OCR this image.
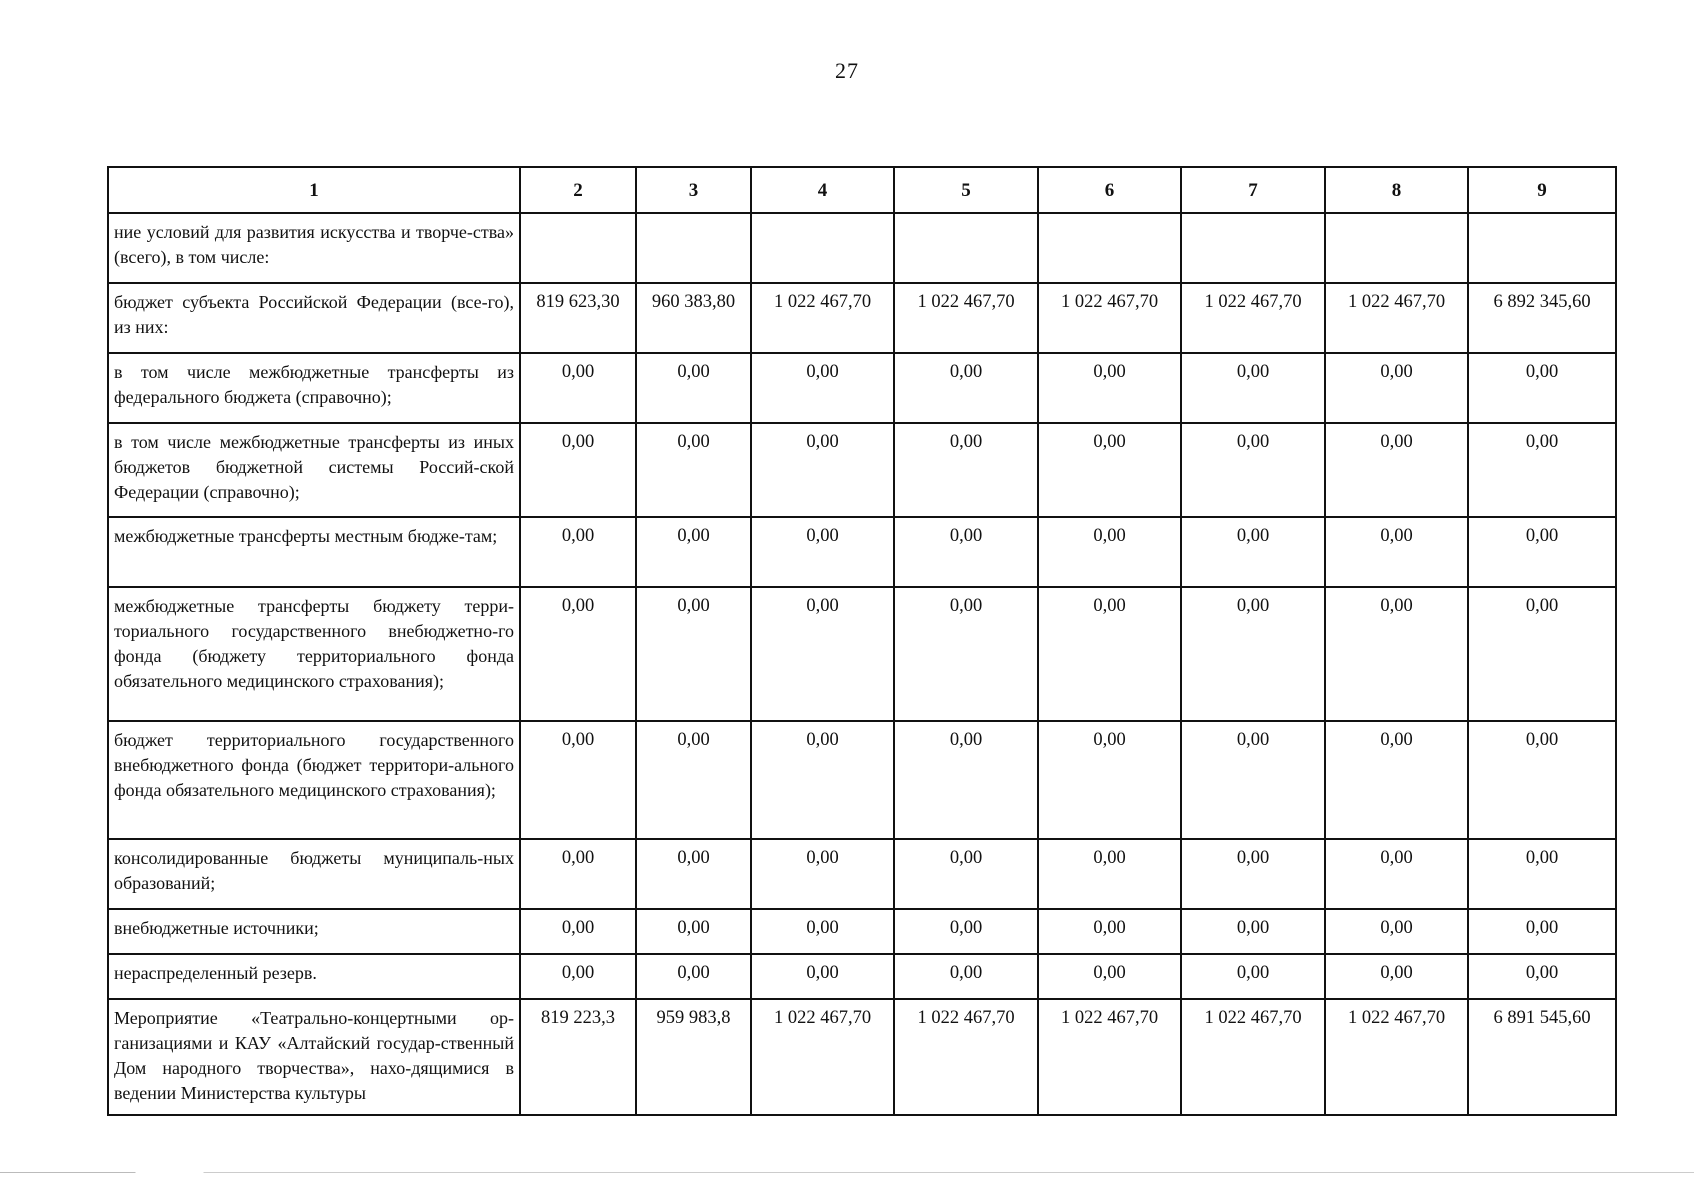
27
1	2	3	4	5	6	7	8	9
ние условий для развития искусства и творче-ства» (всего), в том числе:								
бюджет субъекта Российской Федерации (все-го), из них:	819 623,30	960 383,80	1 022 467,70	1 022 467,70	1 022 467,70	1 022 467,70	1 022 467,70	6 892 345,60
в том числе межбюджетные трансферты из федерального бюджета (справочно);	0,00	0,00	0,00	0,00	0,00	0,00	0,00	0,00
в том числе межбюджетные трансферты из иных бюджетов бюджетной системы Россий-ской Федерации (справочно);	0,00	0,00	0,00	0,00	0,00	0,00	0,00	0,00
межбюджетные трансферты местным бюдже-там;	0,00	0,00	0,00	0,00	0,00	0,00	0,00	0,00
межбюджетные трансферты бюджету терри-ториального государственного внебюджетно-го фонда (бюджету территориального фонда обязательного медицинского страхования);	0,00	0,00	0,00	0,00	0,00	0,00	0,00	0,00
бюджет территориального государственного внебюджетного фонда (бюджет территори-ального фонда обязательного медицинского страхования);	0,00	0,00	0,00	0,00	0,00	0,00	0,00	0,00
консолидированные бюджеты муниципаль-ных образований;	0,00	0,00	0,00	0,00	0,00	0,00	0,00	0,00
внебюджетные источники;	0,00	0,00	0,00	0,00	0,00	0,00	0,00	0,00
нераспределенный резерв.	0,00	0,00	0,00	0,00	0,00	0,00	0,00	0,00
Мероприятие «Театрально-концертными ор-ганизациями и КАУ «Алтайский государ-ственный Дом народного творчества», нахо-дящимися в ведении Министерства культуры	819 223,3	959 983,8	1 022 467,70	1 022 467,70	1 022 467,70	1 022 467,70	1 022 467,70	6 891 545,60
